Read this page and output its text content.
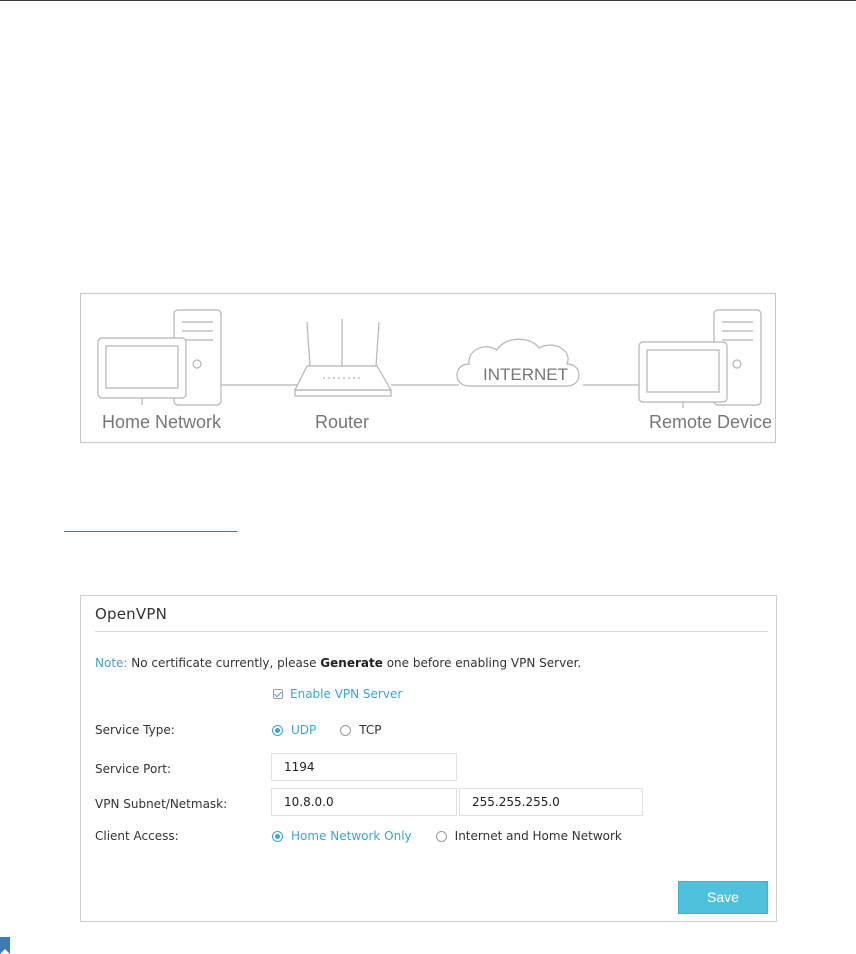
Home Network	Router
INTERNET
Remote Device
OpenVPN
Note: No certificate currently, please Generate one before enabling VPN Server.
Enable VPN Server
Service Type:	UDP	TCP
Service Port:	1194
VPN Subnet/Netmask:	10.8.0.0	255.255.255.0
Client Access:	Home Network Only	Internet and Home Network
Save
